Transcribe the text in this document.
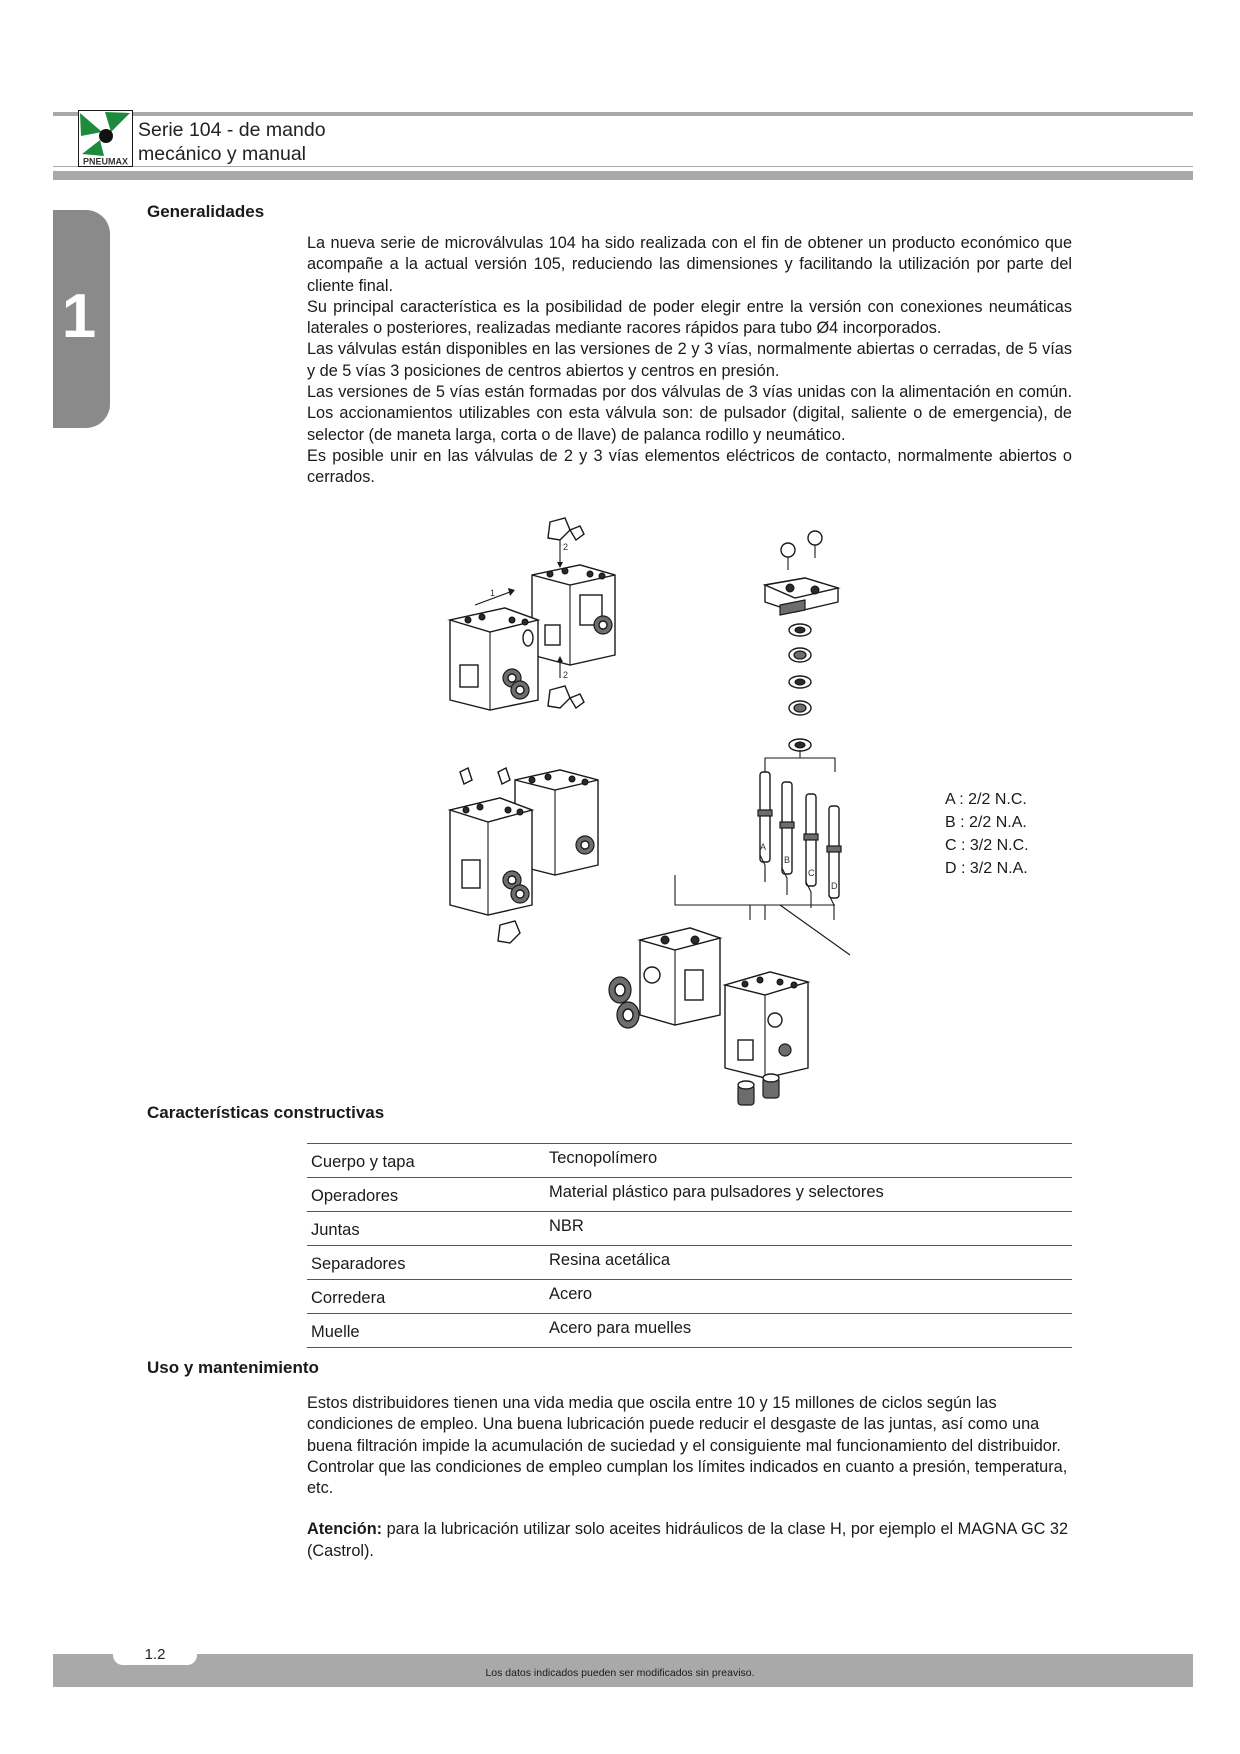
PNEUMAX
Serie 104 - de mando
mecánico y manual
1
Generalidades

La nueva serie de microválvulas 104 ha sido realizada con el fin de obtener un producto económico que acompañe a la actual versión 105, reduciendo las dimensiones y facilitando la utilización por parte del cliente final.

Su principal característica es la posibilidad de poder elegir entre la versión con conexiones neumáticas laterales o posteriores, realizadas mediante racores rápidos para tubo Ø4 incorporados.

Las válvulas están disponibles en las versiones de 2 y 3 vías, normalmente abiertas o cerradas, de 5 vías y de 5 vías 3 posiciones de centros abiertos y centros en presión.

Las versiones de 5 vías están formadas por dos válvulas de 3 vías unidas con la alimentación en común. Los accionamientos utilizables con esta válvula son: de pulsador (digital, saliente o de emergencia), de selector (de maneta larga, corta o de llave) de palanca rodillo y neumático.

Es posible unir en las válvulas de 2 y 3 vías elementos eléctricos de contacto, normalmente abiertos o cerrados.

2
1
2
A
B
C
D
A : 2/2 N.C.
B : 2/2 N.A.
C : 3/2 N.C.
D : 3/2 N.A.
Características constructivas
Cuerpo y tapa	Tecnopolímero
Operadores	Material plástico para pulsadores y selectores
Juntas	NBR
Separadores	Resina acetálica
Corredera	Acero
Muelle	Acero para muelles
Uso y mantenimiento

Estos distribuidores tienen una vida media que oscila entre 10 y 15 millones de ciclos según las condiciones de empleo. Una buena lubricación puede reducir el desgaste de las juntas, así como una buena filtración impide la acumulación de suciedad y el consiguiente mal funcionamiento del distribuidor. Controlar que las condiciones de empleo cumplan los límites indicados en cuanto a presión, temperatura, etc.

Atención: para la lubricación utilizar solo aceites hidráulicos de la clase H, por ejemplo el MAGNA GC 32 (Castrol).

1.2
Los datos indicados pueden ser modificados sin preaviso.
